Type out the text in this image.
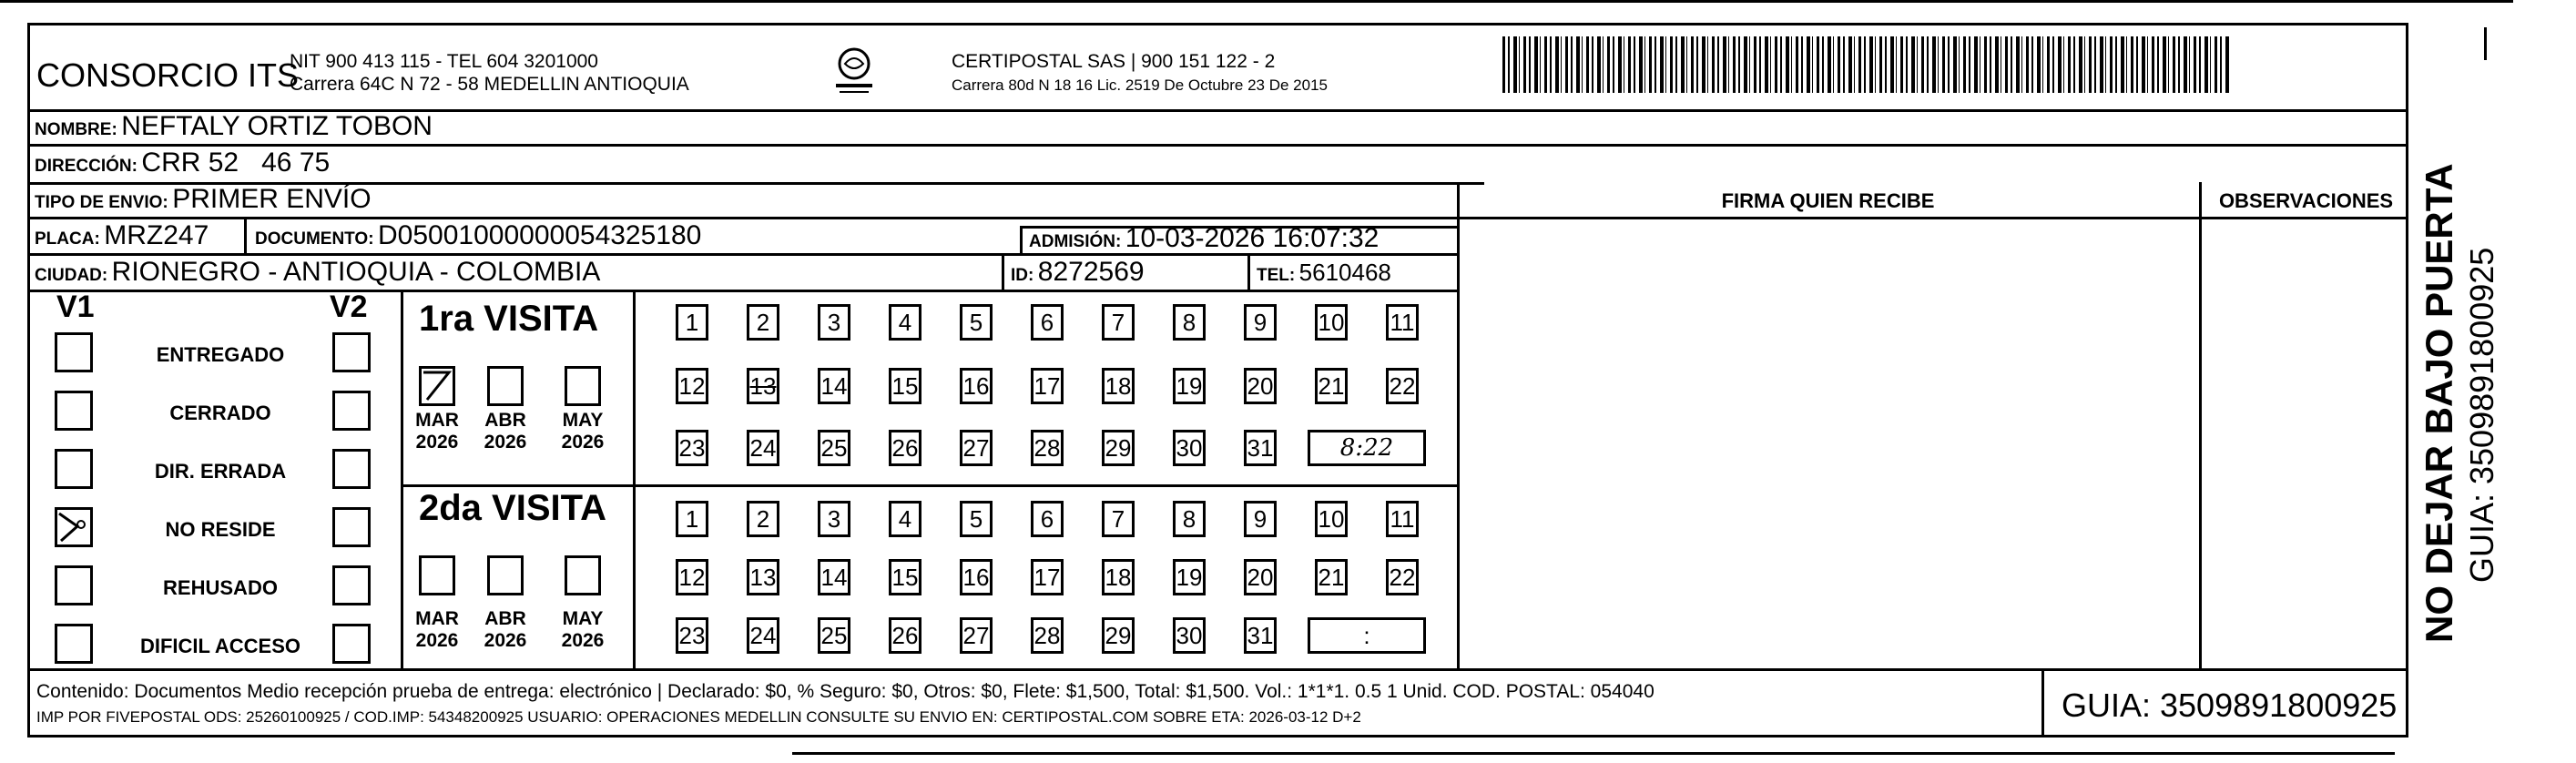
CONSORCIO ITS
NIT 900 413 115 - TEL 604 3201000
Carrera 64C N 72 - 58 MEDELLIN ANTIOQUIA
CERTIPOSTAL SAS | 900 151 122 - 2
Carrera 80d N 18 16 Lic. 2519 De Octubre 23 De 2015
NOMBRE: NEFTALY ORTIZ TOBON
DIRECCIÓN: CRR 52   46 75
TIPO DE ENVIO: PRIMER ENVÍO
PLACA: MRZ247	DOCUMENTO: D05001000000054325180	ADMISIÓN: 10-03-2026 16:07:32
CIUDAD: RIONEGRO - ANTIOQUIA - COLOMBIA	ID: 8272569	TEL: 5610468
FIRMA QUIEN RECIBE	OBSERVACIONES
V1	V2
ENTREGADO
CERRADO
DIR. ERRADA
NO RESIDE
REHUSADO
DIFICIL ACCESO
1ra VISITA
2da VISITA
MAR
2026
ABR
2026
MAY
2026
MAR
2026
ABR
2026
MAY
2026
1	2	3	4	5	6	7	8	9	10 11
12 13 14 15 16 17 18 19 20 21 22
23 24 25 26 27 28 29 30 31	8:22
1	2	3	4	5	6	7	8	9	10 11
12 13 14 15 16 17 18 19 20 21 22
23 24 25 26 27 28 29 30 31	:
Contenido: Documentos Medio recepción prueba de entrega: electrónico | Declarado: $0, % Seguro: $0, Otros: $0, Flete: $1,500, Total: $1,500. Vol.: 1*1*1. 0.5 1 Unid. COD. POSTAL: 054040
IMP POR FIVEPOSTAL ODS: 25260100925 / COD.IMP: 54348200925 USUARIO: OPERACIONES MEDELLIN CONSULTE SU ENVIO EN: CERTIPOSTAL.COM SOBRE ETA: 2026-03-12 D+2	GUIA: 3509891800925
NO DEJAR BAJO PUERTA GUIA: 3509891800925
